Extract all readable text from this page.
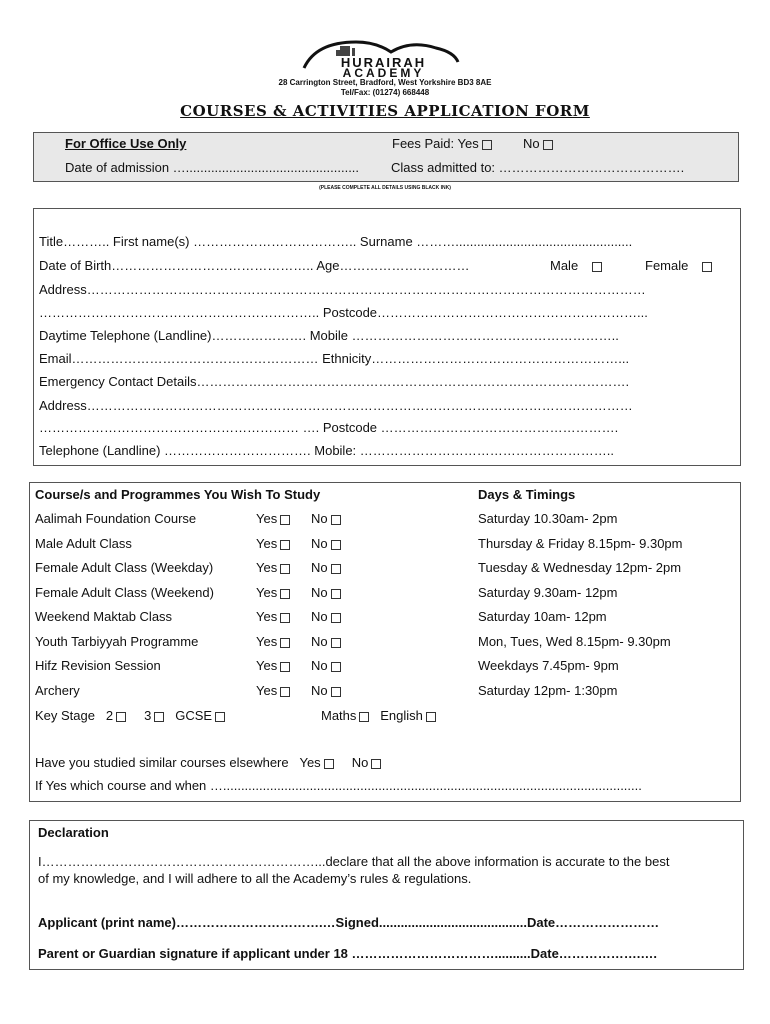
HURAIRAH
ACADEMY
28 Carrington Street, Bradford, West Yorkshire BD3 8AE
Tel/Fax: (01274) 668448
COURSES & ACTIVITIES APPLICATION FORM
For Office Use Only	Fees Paid: Yes	No
Date of admission …................................................ Class admitted to: …………………………………….
(PLEASE COMPLETE ALL DETAILS USING BLACK INK)
Title……….. First name(s) ……………………………….. Surname ……….................................................
Date of Birth……………………………………….. Age…………………………	Male	Female
Address…………………………………………………………………………………………………………………
……………………………………………………….. Postcode……………………………………………………...
Daytime Telephone (Landline)…………………. Mobile ……………………………………………………..
Email………………………………………………… Ethnicity…………………………………………………...
Emergency Contact Details……………………………………………………………………………………….
Address………………………………………………………………………………………………………………
…………………………………………………… …. Postcode ……………………………………………….
Telephone (Landline) ……………………………. Mobile: …………………………………………………..
Course/s and Programmes You Wish To Study	Days & Timings
Aalimah Foundation Course	Yes	No	Saturday 10.30am- 2pm
Male Adult Class	Yes	No	Thursday & Friday 8.15pm- 9.30pm
Female Adult Class (Weekday)	Yes	No	Tuesday & Wednesday 12pm- 2pm
Female Adult Class (Weekend)	Yes	No	Saturday 9.30am- 12pm
Weekend Maktab Class	Yes	No	Saturday 10am- 12pm
Youth Tarbiyyah Programme	Yes	No	Mon, Tues, Wed 8.15pm- 9.30pm
Hifz Revision Session	Yes	No	Weekdays 7.45pm- 9pm
Archery	Yes	No	Saturday 12pm- 1:30pm
Key Stage 2 3 GCSE	Maths English
Have you studied similar courses elsewhere Yes No
If Yes which course and when …....................................................................................................................
Declaration
I………………………………………………………...declare that all the above information is accurate to the best
of my knowledge, and I will adhere to all the Academy’s rules & regulations.
Applicant (print name)…………………………….…Signed.........................................Date……………………
Parent or Guardian signature if applicant under 18 ……………………………..........Date……………….….
